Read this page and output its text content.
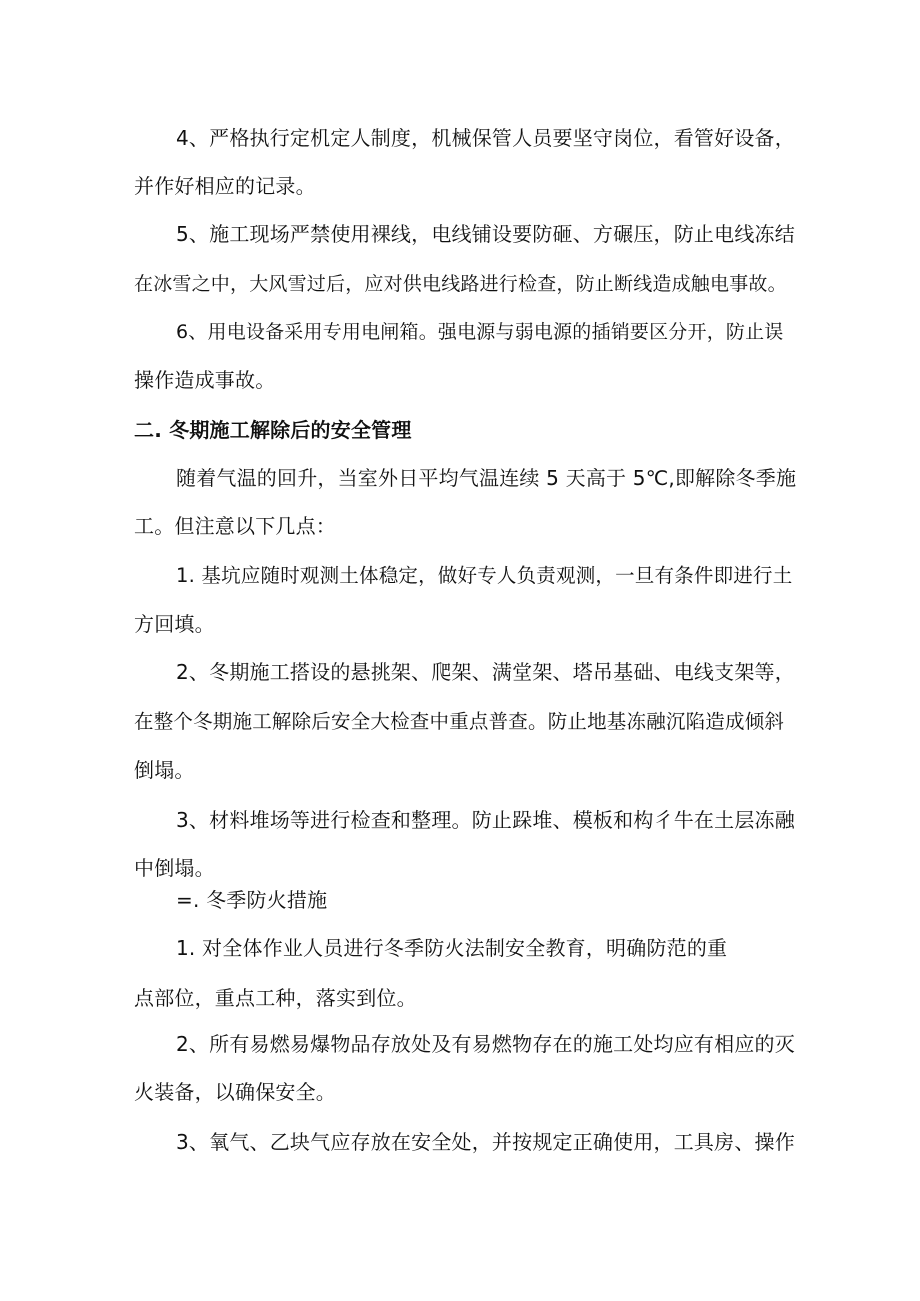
4、严格执行定机定人制度，机械保管人员要坚守岗位，看管好设备，
并作好相应的记录。
5、施工现场严禁使用裸线，电线铺设要防砸、方碾压，防止电线冻结
在冰雪之中，大风雪过后，应对供电线路进行检查，防止断线造成触电事故。
6、用电设备采用专用电闸箱。强电源与弱电源的插销要区分开，防止误
操作造成事故。
二. 冬期施工解除后的安全管理
随着气温的回升，当室外日平均气温连续 5 天高于 5℃,即解除冬季施
工。但注意以下几点：
1. 基坑应随时观测土体稳定，做好专人负责观测，一旦有条件即进行土
方回填。
2、冬期施工搭设的悬挑架、爬架、满堂架、塔吊基础、电线支架等，
在整个冬期施工解除后安全大检查中重点普查。防止地基冻融沉陷造成倾斜
倒塌。
3、材料堆场等进行检查和整理。防止跺堆、模板和构彳牛在土层冻融
中倒塌。
=. 冬季防火措施
1. 对全体作业人员进行冬季防火法制安全教育，明确防范的重
点部位，重点工种，落实到位。
2、所有易燃易爆物品存放处及有易燃物存在的施工处均应有相应的灭
火装备，以确保安全。
3、氧气、乙块气应存放在安全处，并按规定正确使用，工具房、操作
